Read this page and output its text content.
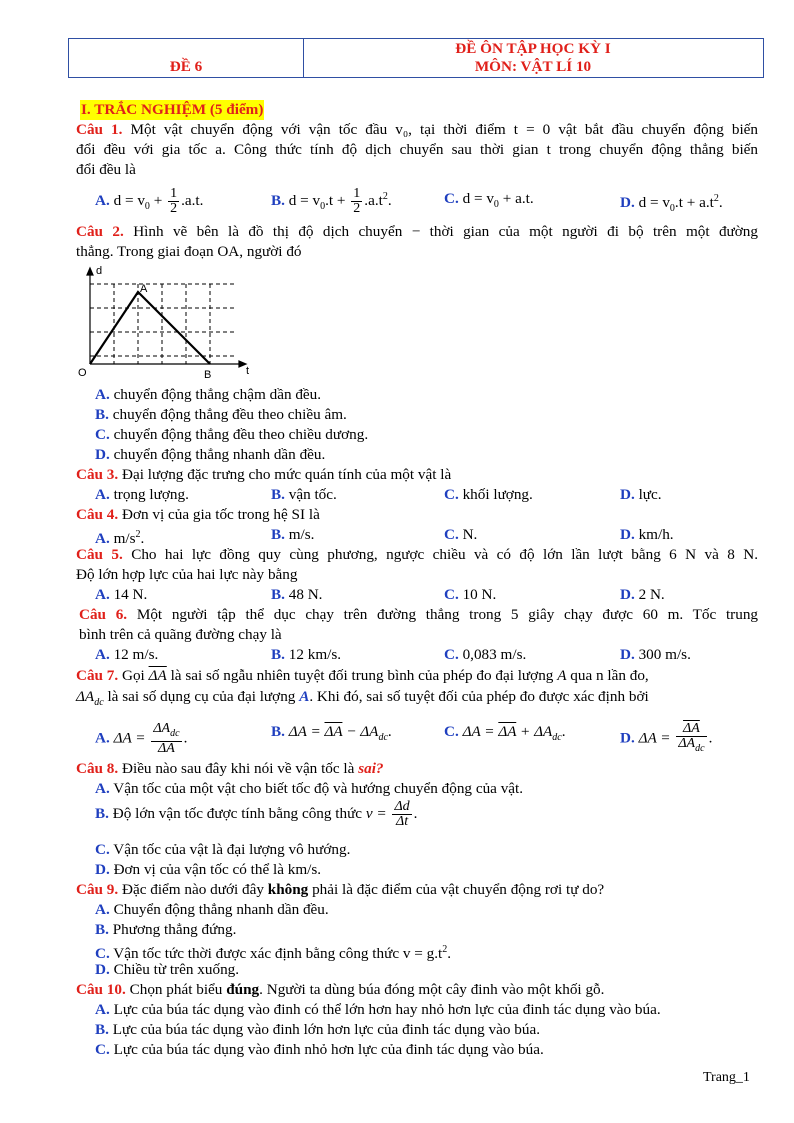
ĐỀ 6
ĐỀ ÔN TẬP HỌC KỲ I
MÔN: VẬT LÍ 10
I. TRẮC NGHIỆM (5 điểm)
Câu 1. Một vật chuyển động với vận tốc đầu v₀, tại thời điểm t = 0 vật bắt đầu chuyển động biến
đổi đều với gia tốc a. Công thức tính độ dịch chuyển sau thời gian t trong chuyển động thẳng biến
đổi đều là
A. $d = v_0 + \frac{1}{2} .a.t$.	B. $d = v_0.t + \frac{1}{2} .a.t^2$.	C. $d = v_0 + a.t$.	D. $d = v_0.t + a.t^2$.
Câu 2. Hình vẽ bên là đồ thị độ dịch chuyển − thời gian của một người đi bộ trên một đường
thẳng. Trong giai đoạn OA, người đó
d
t
O
A
B
A. chuyển động thẳng chậm dần đều.
B. chuyển động thẳng đều theo chiều âm.
C. chuyển động thẳng đều theo chiều dương.
D. chuyển động thẳng nhanh dần đều.
Câu 3. Đại lượng đặc trưng cho mức quán tính của một vật là
A. trọng lượng.	B. vận tốc.	C. khối lượng.	D. lực.
Câu 4. Đơn vị của gia tốc trong hệ SI là
A. $m/s^2$.	B. m/s.	C. N.	D. km/h.
Câu 5. Cho hai lực đồng quy cùng phương, ngược chiều và có độ lớn lần lượt bằng 6 N và 8 N.
Độ lớn hợp lực của hai lực này bằng
A. 14 N.	B. 48 N.	C. 10 N.	D. 2 N.
Câu 6. Một người tập thể dục chạy trên đường thẳng trong 5 giây chạy được 60 m. Tốc trung
bình trên cả quãng đường chạy là
A. 12 m/s.	B. 12 km/s.	C. 0,083 m/s.	D. 300 m/s.
Câu 7. Gọi $\overline{\Delta A}$ là sai số ngẫu nhiên tuyệt đối trung bình của phép đo đại lượng A qua n lần đo,
$\Delta A_{dc}$ là sai số dụng cụ của đại lượng A. Khi đó, sai số tuyệt đối của phép đo được xác định bởi
A. $\Delta A = \frac{\Delta A_{dc}}{\Delta A}$ .	B. $\Delta A = \overline{\Delta A} - \Delta A_{dc}$.	C. $\Delta A = \overline{\Delta A} + \Delta A_{dc}$.	D. $\Delta A = \frac{\overline{\Delta A}}{\Delta A_{dc}}$ .
Câu 8. Điều nào sau đây khi nói về vận tốc là sai?
A. Vận tốc của một vật cho biết tốc độ và hướng chuyển động của vật.
B. Độ lớn vận tốc được tính bằng công thức $v = \frac{\Delta d}{\Delta t}$ .
C. Vận tốc của vật là đại lượng vô hướng.
D. Đơn vị của vận tốc có thể là km/s.
Câu 9. Đặc điểm nào dưới đây không phải là đặc điểm của vật chuyển động rơi tự do?
A. Chuyển động thẳng nhanh dần đều.
B. Phương thẳng đứng.
C. Vận tốc tức thời được xác định bằng công thức $v = g.t^2$.
D. Chiều từ trên xuống.
Câu 10. Chọn phát biểu đúng. Người ta dùng búa đóng một cây đinh vào một khối gỗ.
A. Lực của búa tác dụng vào đinh có thể lớn hơn hay nhỏ hơn lực của đinh tác dụng vào búa.
B. Lực của búa tác dụng vào đinh lớn hơn lực của đinh tác dụng vào búa.
C. Lực của búa tác dụng vào đinh nhỏ hơn lực của đinh tác dụng vào búa.
Trang_1
